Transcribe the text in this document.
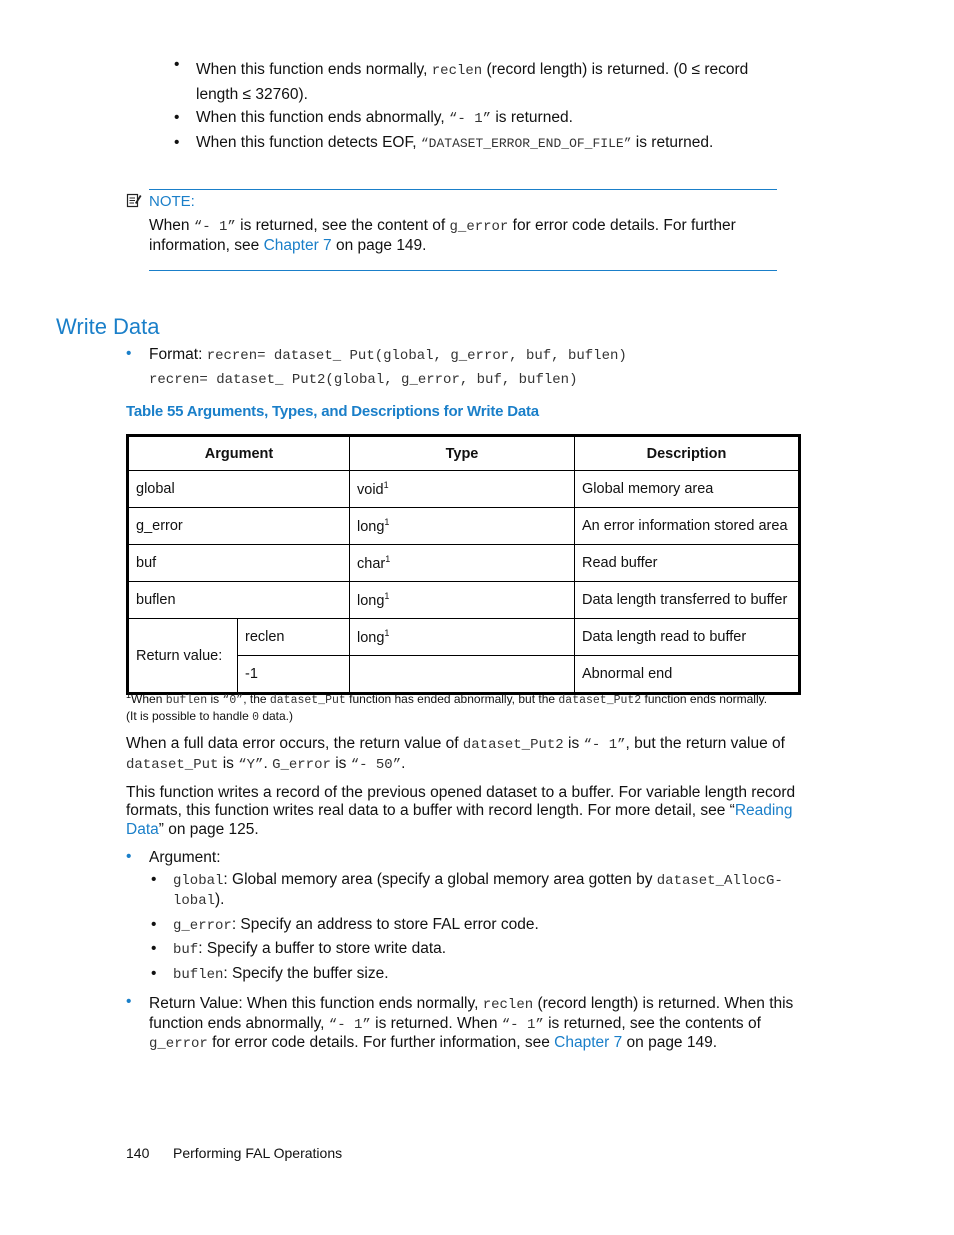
• When this function ends normally, reclen (record length) is returned. (0 ≤ record
length ≤ 32760).
• When this function ends abnormally, “- 1” is returned.
• When this function detects EOF, “DATASET_ERROR_END_OF_FILE” is returned.
NOTE:
When “- 1” is returned, see the content of g_error for error code details. For further
information, see Chapter 7 on page 149.
Write Data
• Format: recren= dataset_ Put(global, g_error, buf, buflen)
recren= dataset_ Put2(global, g_error, buf, buflen)
Table 55 Arguments, Types, and Descriptions for Write Data
Argument		Type	Description
global		void$^1$	Global memory area
g_error		long$^1$	An error information stored area
buf		char$^1$	Read buffer
buflen		long$^1$	Data length transferred to buffer
Return value:	reclen	long$^1$	Data length read to buffer
	-1		Abnormal end
$^1$When buflen is “0”, the dataset_Put function has ended abnormally, but the dataset_Put2 function ends normally.
(It is possible to handle 0 data.)
When a full data error occurs, the return value of dataset_Put2 is “- 1”, but the return value of
dataset_Put is “Y”. G_error is “- 50”.
This function writes a record of the previous opened dataset to a buffer. For variable length record
formats, this function writes real data to a buffer with record length. For more detail, see “Reading
Data” on page 125.
• Argument:
• global: Global memory area (specify a global memory area gotten by dataset_AllocG-
lobal).
• g_error: Specify an address to store FAL error code.
• buf: Specify a buffer to store write data.
• buflen: Specify the buffer size.
• Return Value: When this function ends normally, reclen (record length) is returned. When this
function ends abnormally, “- 1” is returned. When “- 1” is returned, see the contents of
g_error for error code details. For further information, see Chapter 7 on page 149.
140 Performing FAL Operations
